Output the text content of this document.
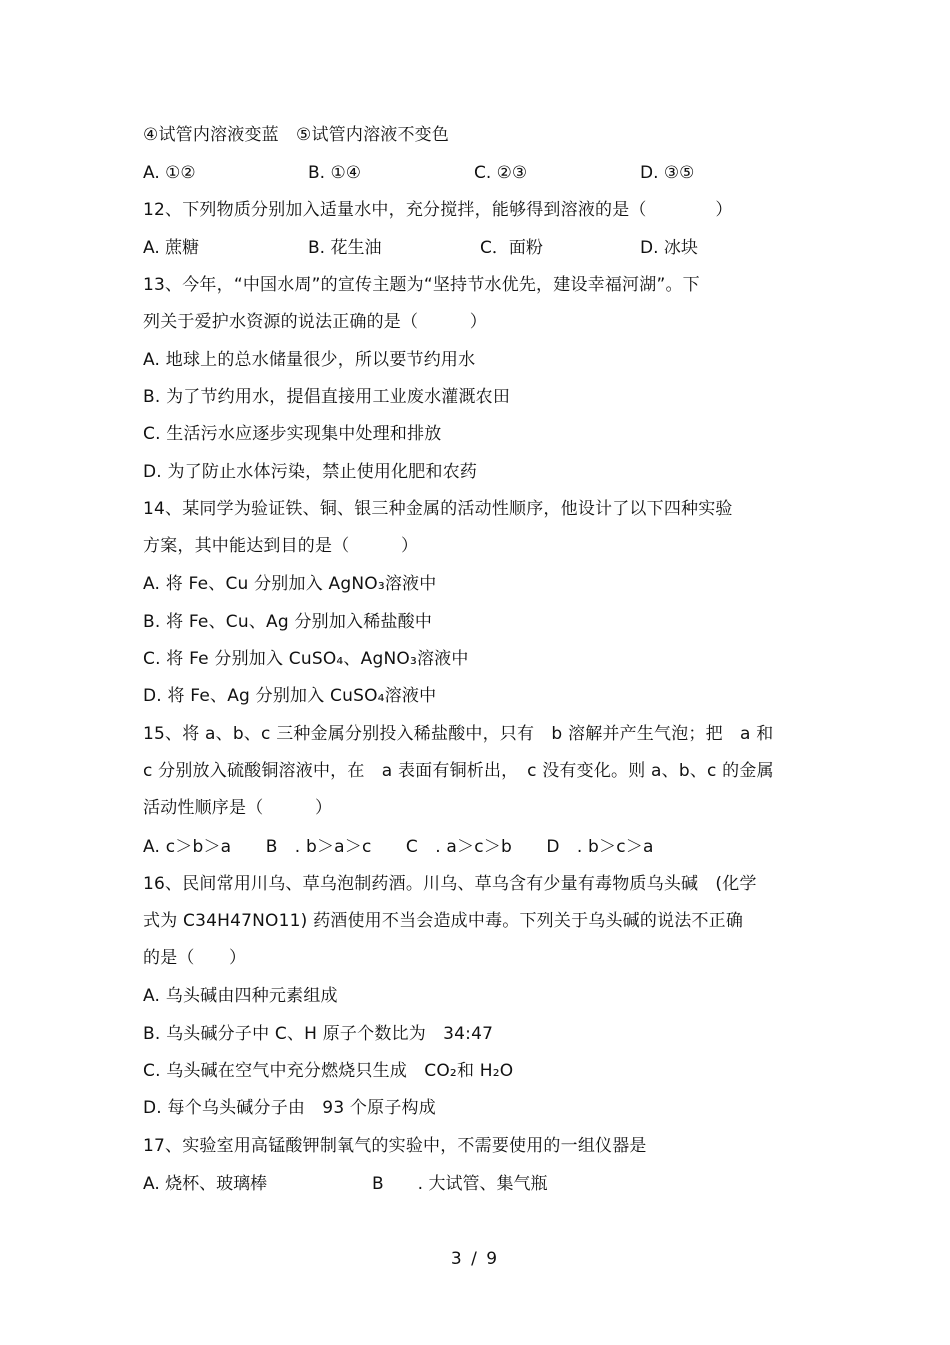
④试管内溶液变蓝　⑤试管内溶液不变色
A. ①②	B. ①④	C. ②③	D. ③⑤
12、下列物质分别加入适量水中，充分搅拌，能够得到溶液的是（　　　　）
A. 蔗糖	B. 花生油	C．面粉	D. 冰块
13、今年，“中国水周”的宣传主题为“坚持节水优先，建设幸福河湖”。下
列关于爱护水资源的说法正确的是（　　　）
A. 地球上的总水储量很少，所以要节约用水
B. 为了节约用水，提倡直接用工业废水灌溉农田
C. 生活污水应逐步实现集中处理和排放
D. 为了防止水体污染，禁止使用化肥和农药
14、某同学为验证铁、铜、银三种金属的活动性顺序，他设计了以下四种实验
方案，其中能达到目的是（　　　）
A. 将 Fe、Cu 分别加入 AgNO₃溶液中
B. 将 Fe、Cu、Ag 分别加入稀盐酸中
C. 将 Fe 分别加入 CuSO₄、AgNO₃溶液中
D. 将 Fe、Ag 分别加入 CuSO₄溶液中
15、将 a、b、c 三种金属分别投入稀盐酸中，只有　b 溶解并产生气泡；把　a 和
c 分别放入硫酸铜溶液中，在　a 表面有铜析出，　c 没有变化。则 a、b、c 的金属
活动性顺序是（　　　）
A. c＞b＞a　　B　. b＞a＞c　　C　. a＞c＞b　　D　. b＞c＞a
16、民间常用川乌、草乌泡制药酒。川乌、草乌含有少量有毒物质乌头碱　(化学
式为 C34H47NO11) 药酒使用不当会造成中毒。下列关于乌头碱的说法不正确
的是（　　）
A. 乌头碱由四种元素组成
B. 乌头碱分子中 C、H 原子个数比为　34:47
C. 乌头碱在空气中充分燃烧只生成　CO₂和 H₂O
D. 每个乌头碱分子由　93 个原子构成
17、实验室用高锰酸钾制氧气的实验中，不需要使用的一组仪器是
A. 烧杯、玻璃棒	B　　. 大试管、集气瓶
3 / 9
